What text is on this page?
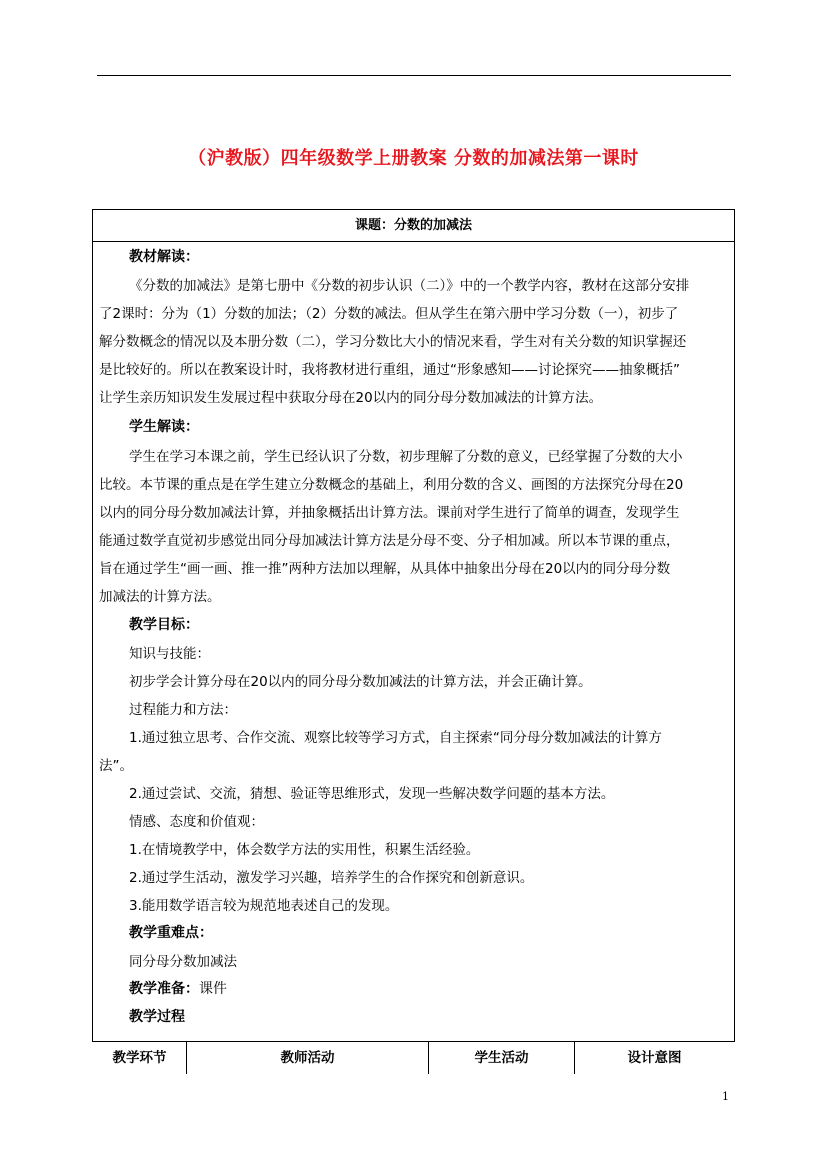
（沪教版）四年级数学上册教案 分数的加减法第一课时
课题：分数的加减法
教材解读：
《分数的加减法》是第七册中《分数的初步认识（二）》中的一个教学内容，教材在这部分安排
了2课时：分为（1）分数的加法；（2）分数的减法。但从学生在第六册中学习分数（一），初步了
解分数概念的情况以及本册分数（二），学习分数比大小的情况来看，学生对有关分数的知识掌握还
是比较好的。所以在教案设计时，我将教材进行重组，通过“形象感知——讨论探究——抽象概括”
让学生亲历知识发生发展过程中获取分母在20以内的同分母分数加减法的计算方法。
学生解读：
学生在学习本课之前，学生已经认识了分数，初步理解了分数的意义，已经掌握了分数的大小
比较。本节课的重点是在学生建立分数概念的基础上，利用分数的含义、画图的方法探究分母在20
以内的同分母分数加减法计算，并抽象概括出计算方法。课前对学生进行了简单的调查，发现学生
能通过数学直觉初步感觉出同分母加减法计算方法是分母不变、分子相加减。所以本节课的重点，
旨在通过学生“画一画、推一推”两种方法加以理解，从具体中抽象出分母在20以内的同分母分数
加减法的计算方法。
教学目标：
知识与技能：
初步学会计算分母在20以内的同分母分数加减法的计算方法，并会正确计算。
过程能力和方法：
1.通过独立思考、合作交流、观察比较等学习方式，自主探索“同分母分数加减法的计算方
法”。
2.通过尝试、交流，猜想、验证等思维形式，发现一些解决数学问题的基本方法。
情感、态度和价值观：
1.在情境教学中，体会数学方法的实用性，积累生活经验。
2.通过学生活动，激发学习兴趣，培养学生的合作探究和创新意识。
3.能用数学语言较为规范地表述自己的发现。
教学重难点：
同分母分数加减法
教学准备：课件
教学过程
教学环节	教师活动	学生活动	设计意图
1
